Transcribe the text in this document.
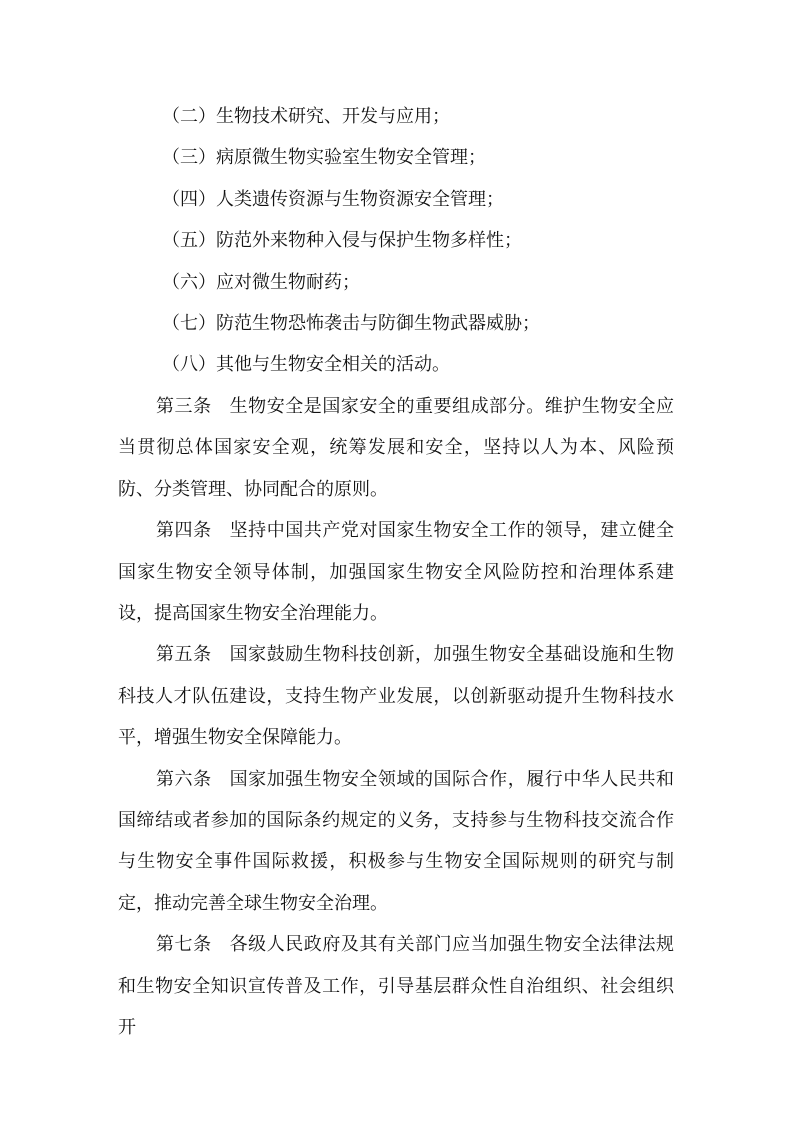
（二）生物技术研究、开发与应用；
（三）病原微生物实验室生物安全管理；
（四）人类遗传资源与生物资源安全管理；
（五）防范外来物种入侵与保护生物多样性；
（六）应对微生物耐药；
（七）防范生物恐怖袭击与防御生物武器威胁；
（八）其他与生物安全相关的活动。

第三条 生物安全是国家安全的重要组成部分。维护生物安全应当贯彻总体国家安全观，统筹发展和安全，坚持以人为本、风险预防、分类管理、协同配合的原则。

第四条 坚持中国共产党对国家生物安全工作的领导，建立健全国家生物安全领导体制，加强国家生物安全风险防控和治理体系建设，提高国家生物安全治理能力。

第五条 国家鼓励生物科技创新，加强生物安全基础设施和生物科技人才队伍建设，支持生物产业发展，以创新驱动提升生物科技水平，增强生物安全保障能力。

第六条 国家加强生物安全领域的国际合作，履行中华人民共和国缔结或者参加的国际条约规定的义务，支持参与生物科技交流合作与生物安全事件国际救援，积极参与生物安全国际规则的研究与制定，推动完善全球生物安全治理。

第七条 各级人民政府及其有关部门应当加强生物安全法律法规和生物安全知识宣传普及工作，引导基层群众性自治组织、社会组织开
